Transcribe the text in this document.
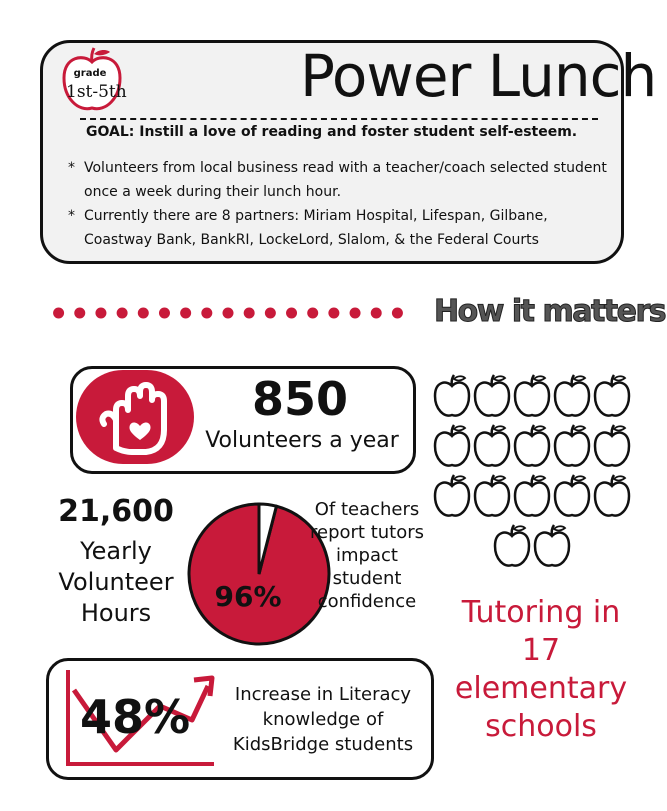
grade
1st-5th	Power Lunch
GOAL: Instill a love of reading and foster student self-esteem.
* Volunteers from local business read with a teacher/coach selected student once a week during their lunch hour.
* Currently there are 8 partners: Miriam Hospital, Lifespan, Gilbane, Coastway Bank, BankRI, LockeLord, Slalom, & the Federal Courts
How it matters
850
Volunteers a year
21,600
Yearly Volunteer Hours	96%
Of teachers report tutors impact student confidence
48%	Increase in Literacy knowledge of KidsBridge students
Tutoring in 17 elementary schools
